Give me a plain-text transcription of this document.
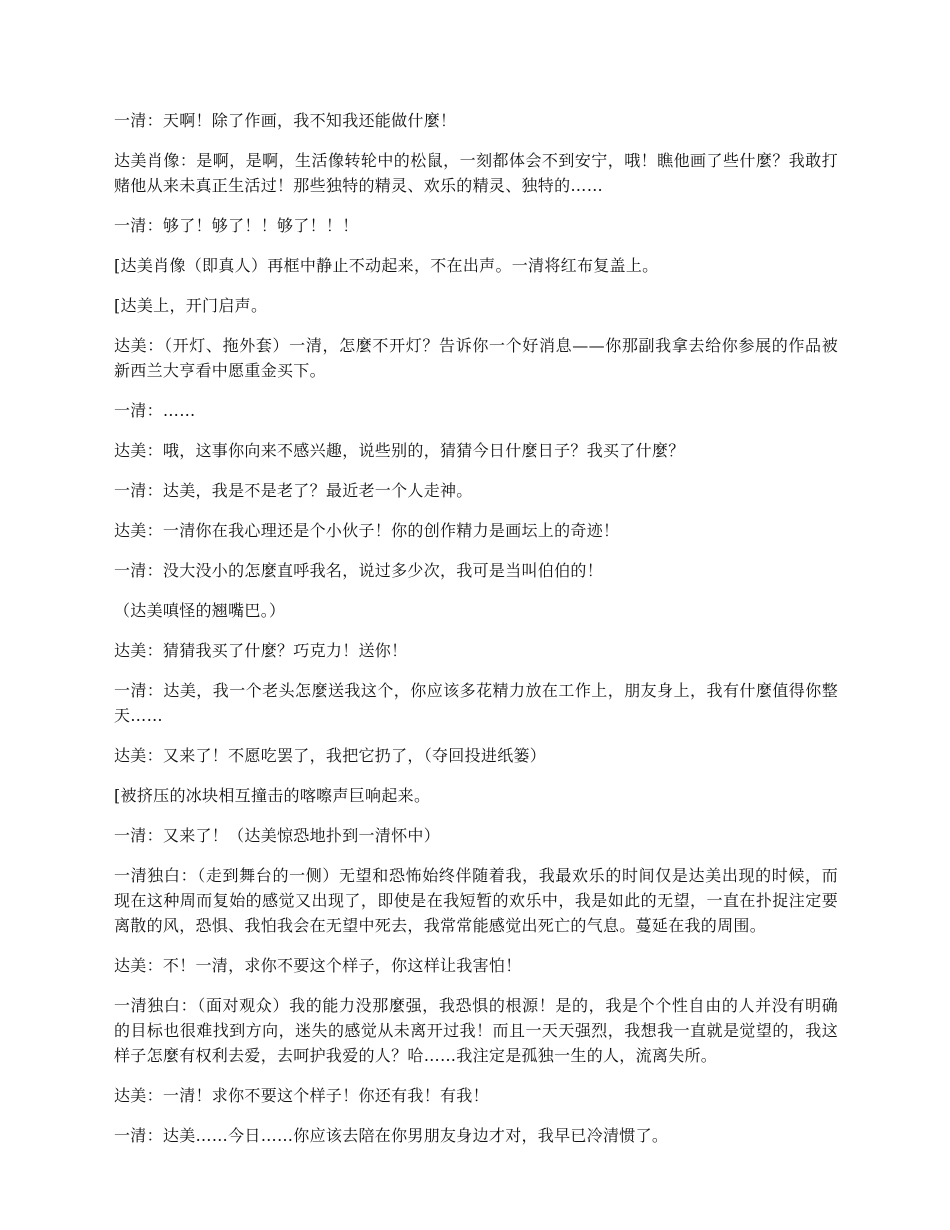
一清：天啊！除了作画，我不知我还能做什麼！

达美肖像：是啊，是啊，生活像转轮中的松鼠，一刻都体会不到安宁，哦！瞧他画了些什麼？我敢打赌他从来未真正生活过！那些独特的精灵、欢乐的精灵、独特的……

一清：够了！够了！！够了！！！

[达美肖像（即真人）再框中静止不动起来，不在出声。一清将红布复盖上。

[达美上，开门启声。

达美：（开灯、拖外套）一清，怎麼不开灯？告诉你一个好消息——你那副我拿去给你参展的作品被新西兰大亨看中愿重金买下。

一清：……

达美：哦，这事你向来不感兴趣，说些别的，猜猜今日什麼日子？我买了什麼？

一清：达美，我是不是老了？最近老一个人走神。

达美：一清你在我心理还是个小伙子！你的创作精力是画坛上的奇迹！

一清：没大没小的怎麼直呼我名，说过多少次，我可是当叫伯伯的！

（达美嗔怪的翘嘴巴。）

达美：猜猜我买了什麼？巧克力！送你！

一清：达美，我一个老头怎麼送我这个，你应该多花精力放在工作上，朋友身上，我有什麼值得你整天……

达美：又来了！不愿吃罢了，我把它扔了，（夺回投进纸篓）

[被挤压的冰块相互撞击的喀嚓声巨响起来。

一清：又来了！（达美惊恐地扑到一清怀中）

一清独白：（走到舞台的一侧）无望和恐怖始终伴随着我，我最欢乐的时间仅是达美出现的时候，而现在这种周而复始的感觉又出现了，即使是在我短暂的欢乐中，我是如此的无望，一直在扑捉注定要离散的风，恐惧、我怕我会在无望中死去，我常常能感觉出死亡的气息。蔓延在我的周围。

达美：不！一清，求你不要这个样子，你这样让我害怕！

一清独白：（面对观众）我的能力没那麼强，我恐惧的根源！是的，我是个个性自由的人并没有明确的目标也很难找到方向，迷失的感觉从未离开过我！而且一天天强烈，我想我一直就是觉望的，我这样子怎麼有权利去爱，去呵护我爱的人？哈……我注定是孤独一生的人，流离失所。

达美：一清！求你不要这个样子！你还有我！有我！

一清：达美……今日……你应该去陪在你男朋友身边才对，我早已冷清惯了。
